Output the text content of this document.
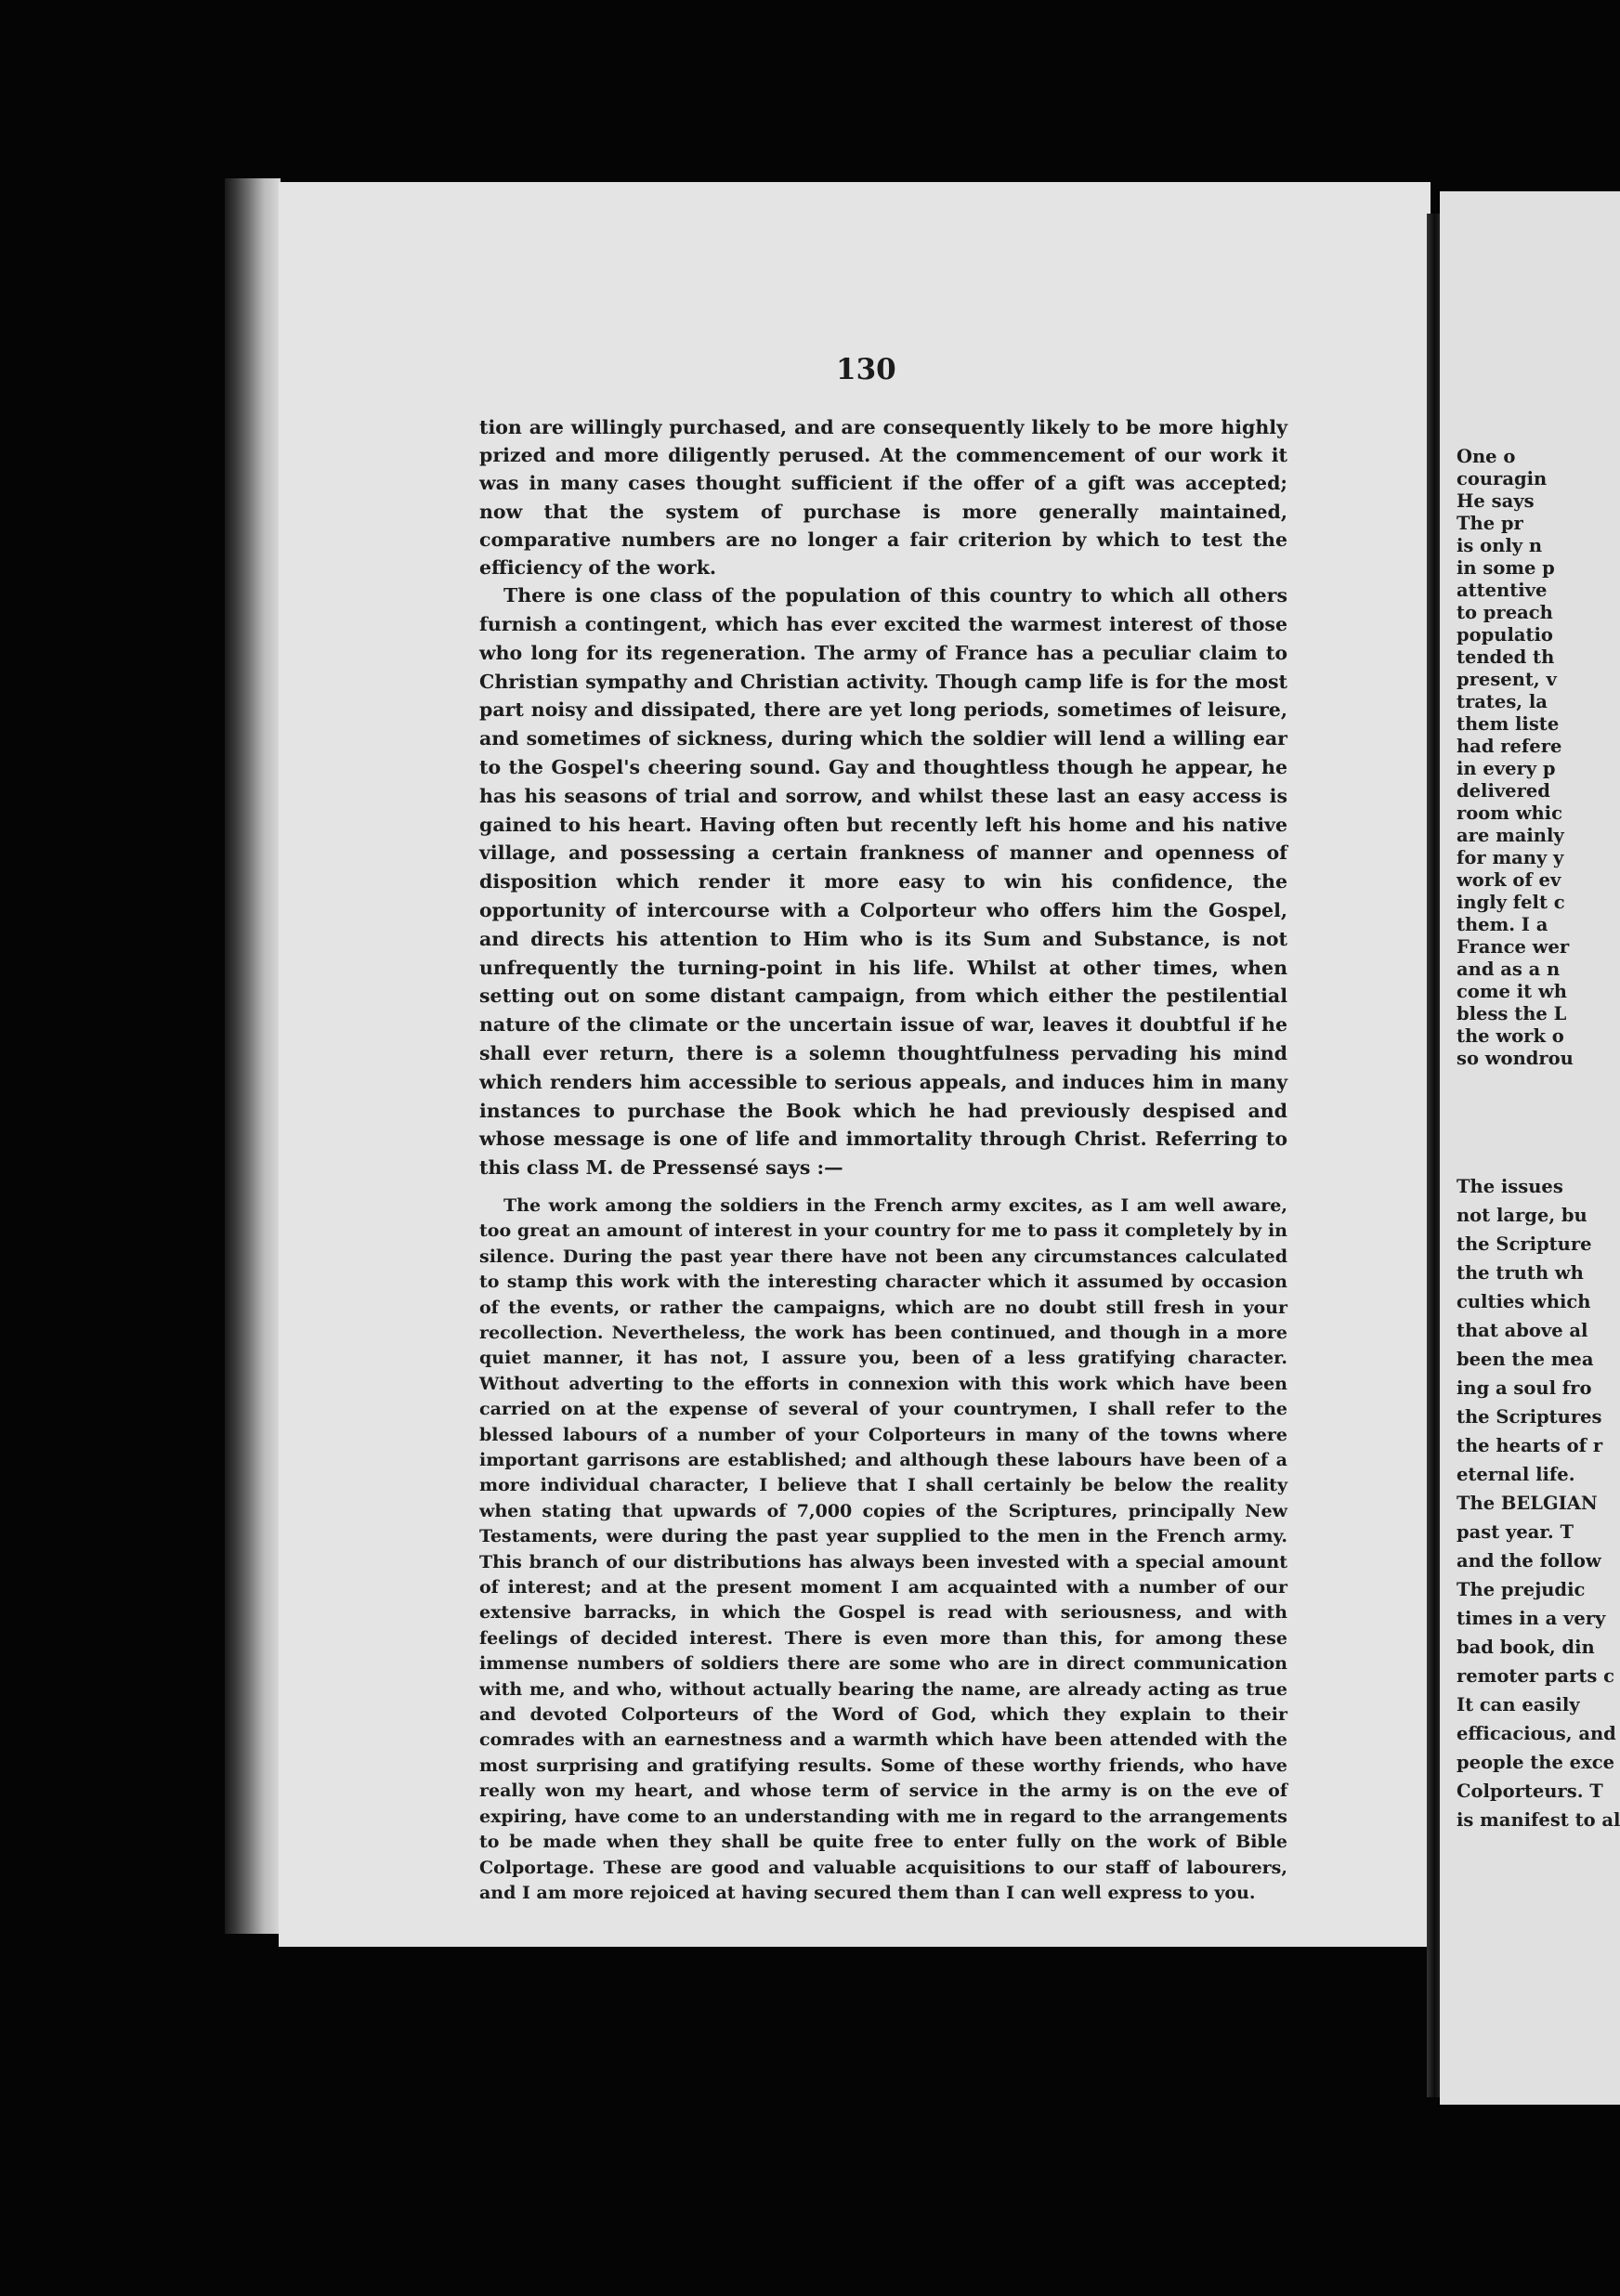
130

tion are willingly purchased, and are consequently likely to be more highly prized and more diligently perused. At the commencement of our work it was in many cases thought sufficient if the offer of a gift was accepted; now that the system of purchase is more generally maintained, comparative numbers are no longer a fair criterion by which to test the efficiency of the work.

There is one class of the population of this country to which all others furnish a contingent, which has ever excited the warmest interest of those who long for its regeneration. The army of France has a peculiar claim to Christian sympathy and Christian activity. Though camp life is for the most part noisy and dissipated, there are yet long periods, sometimes of leisure, and sometimes of sickness, during which the soldier will lend a willing ear to the Gospel's cheering sound. Gay and thoughtless though he appear, he has his seasons of trial and sorrow, and whilst these last an easy access is gained to his heart. Having often but recently left his home and his native village, and possessing a certain frankness of manner and openness of disposition which render it more easy to win his confidence, the opportunity of intercourse with a Colporteur who offers him the Gospel, and directs his attention to Him who is its Sum and Substance, is not unfrequently the turning-point in his life. Whilst at other times, when setting out on some distant campaign, from which either the pestilential nature of the climate or the uncertain issue of war, leaves it doubtful if he shall ever return, there is a solemn thoughtfulness pervading his mind which renders him accessible to serious appeals, and induces him in many instances to purchase the Book which he had previously despised and whose message is one of life and immortality through Christ. Referring to this class M. de Pressensé says :—

The work among the soldiers in the French army excites, as I am well aware, too great an amount of interest in your country for me to pass it completely by in silence. During the past year there have not been any circumstances calculated to stamp this work with the interesting character which it assumed by occasion of the events, or rather the campaigns, which are no doubt still fresh in your recollection. Nevertheless, the work has been continued, and though in a more quiet manner, it has not, I assure you, been of a less gratifying character. Without adverting to the efforts in connexion with this work which have been carried on at the expense of several of your countrymen, I shall refer to the blessed labours of a number of your Colporteurs in many of the towns where important garrisons are established; and although these labours have been of a more individual character, I believe that I shall certainly be below the reality when stating that upwards of 7,000 copies of the Scriptures, principally New Testaments, were during the past year supplied to the men in the French army. This branch of our distributions has always been invested with a special amount of interest; and at the present moment I am acquainted with a number of our extensive barracks, in which the Gospel is read with seriousness, and with feelings of decided interest. There is even more than this, for among these immense numbers of soldiers there are some who are in direct communication with me, and who, without actually bearing the name, are already acting as true and devoted Colporteurs of the Word of God, which they explain to their comrades with an earnestness and a warmth which have been attended with the most surprising and gratifying results. Some of these worthy friends, who have really won my heart, and whose term of service in the army is on the eve of expiring, have come to an understanding with me in regard to the arrangements to be made when they shall be quite free to enter fully on the work of Bible Colportage. These are good and valuable acquisitions to our staff of labourers, and I am more rejoiced at having secured them than I can well express to you.

One o
couragin
He says
The pr
is only n
in some p
attentive
to preach
populatio
tended th
present, v
trates, la
them liste
had refere
in every p
delivered
room whic
are mainly
for many y
work of ev
ingly felt c
them. I a
France wer
and as a n
come it wh
bless the L
the work o
so wondrou
The issues
not large, bu
the Scripture
the truth wh
culties which
that above al
been the mea
ing a soul fro
the Scriptures
the hearts of r
eternal life.
The BELGIAN
past year. T
and the follow
The prejudic
times in a very
bad book, din
remoter parts c
It can easily
efficacious, and
people the exce
Colporteurs. T
is manifest to al
